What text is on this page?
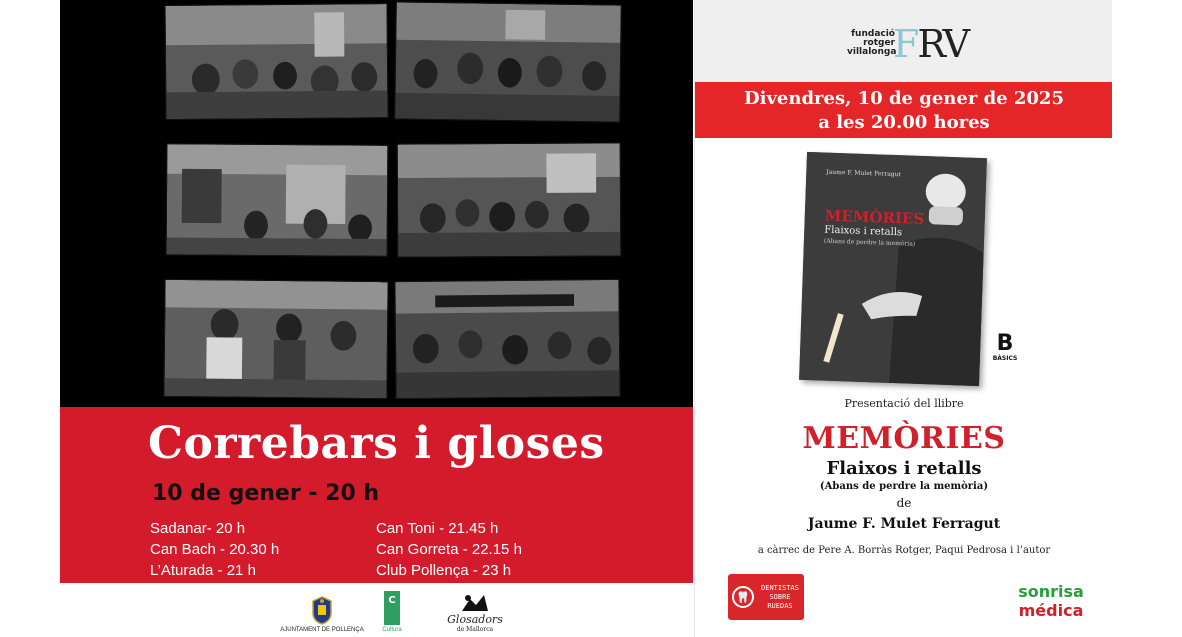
Correbars i gloses
10 de gener - 20 h
Sadanar- 20 h
Can Bach - 20.30 h
L’Aturada - 21 h
Can Toni - 21.45 h
Can Gorreta - 22.15 h
Club Pollença - 23 h
AJUNTAMENT DE POLLENÇA
C
Cultura
Glosadors
de Mallorca
fundació
rotger
villalonga
FRV
Divendres, 10 de gener de 2025
a les 20.00 hores
Jaume F. Mulet Ferragut
MEMÒRIES
Flaixos i retalls
(Abans de perdre la memòria)
B
BÀSICS
Presentació del llibre
MEMÒRIES
Flaixos i retalls
(Abans de perdre la memòria)
de
Jaume F. Mulet Ferragut
a càrrec de Pere A. Borràs Rotger, Paqui Pedrosa i l’autor
🦷
DENTISTAS SOBRE RUEDAS
sonrisa
médica
